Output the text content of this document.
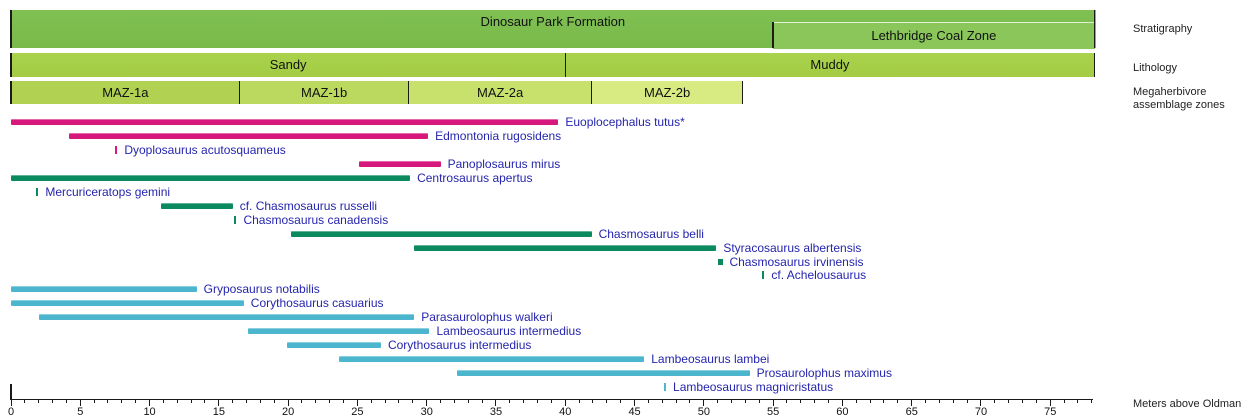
Stratigraphy
Lithology
Megaherbivore
assemblage zones
Meters above Oldman
Dinosaur Park Formation
Lethbridge Coal Zone
Sandy	Muddy
MAZ-1a	MAZ-1b	MAZ-2a	MAZ-2b
Euoplocephalus tutus*
Edmontonia rugosidens
Dyoplosaurus acutosquameus
Panoplosaurus mirus
Centrosaurus apertus
Mercuriceratops gemini
cf. Chasmosaurus russelli
Chasmosaurus canadensis
Chasmosaurus belli
Styracosaurus albertensis
Chasmosaurus irvinensis
cf. Achelousaurus
Gryposaurus notabilis
Corythosaurus casuarius
Parasaurolophus walkeri
Lambeosaurus intermedius
Corythosaurus intermedius
Lambeosaurus lambei
Prosaurolophus maximus
Lambeosaurus magnicristatus
0	5	10	15	20	25	30	35	40	45	50	55	60	65	70	75
